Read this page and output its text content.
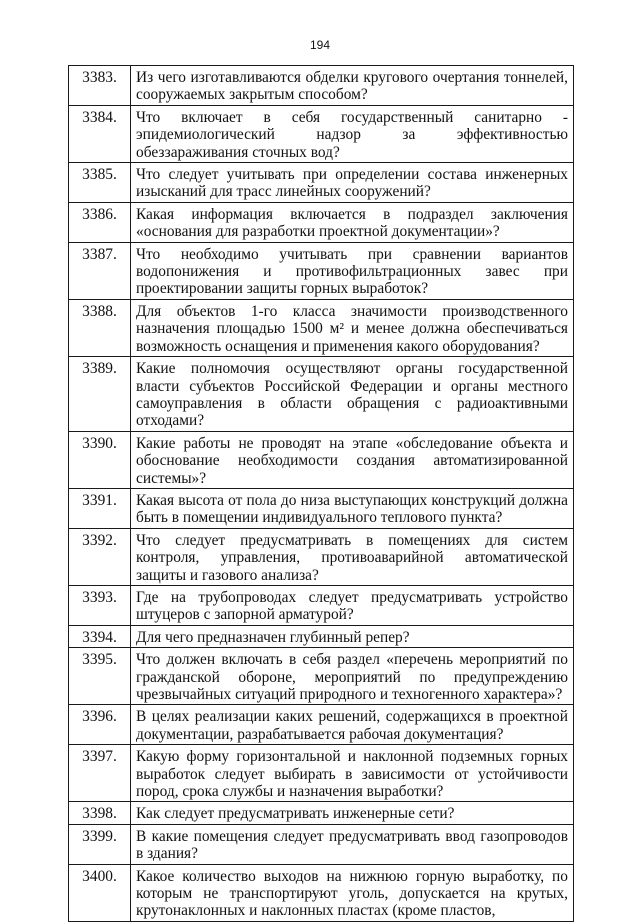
194
3383.	Из чего изготавливаются обделки кругового очертания тоннелей, сооружаемых закрытым способом?
3384.	Что включает в себя государственный санитарно - эпидемиологический надзор за эффективностью обеззараживания сточных вод?
3385.	Что следует учитывать при определении состава инженерных изысканий для трасс линейных сооружений?
3386.	Какая информация включается в подраздел заключения «основания для разработки проектной документации»?
3387.	Что необходимо учитывать при сравнении вариантов водопонижения и противофильтрационных завес при проектировании защиты горных выработок?
3388.	Для объектов 1-го класса значимости производственного назначения площадью 1500 м² и менее должна обеспечиваться возможность оснащения и применения какого оборудования?
3389.	Какие полномочия осуществляют органы государственной власти субъектов Российской Федерации и органы местного самоуправления в области обращения с радиоактивными отходами?
3390.	Какие работы не проводят на этапе «обследование объекта и обоснование необходимости создания автоматизированной системы»?
3391.	Какая высота от пола до низа выступающих конструкций должна быть в помещении индивидуального теплового пункта?
3392.	Что следует предусматривать в помещениях для систем контроля, управления, противоаварийной автоматической защиты и газового анализа?
3393.	Где на трубопроводах следует предусматривать устройство штуцеров с запорной арматурой?
3394.	Для чего предназначен глубинный репер?
3395.	Что должен включать в себя раздел «перечень мероприятий по гражданской обороне, мероприятий по предупреждению чрезвычайных ситуаций природного и техногенного характера»?
3396.	В целях реализации каких решений, содержащихся в проектной документации, разрабатывается рабочая документация?
3397.	Какую форму горизонтальной и наклонной подземных горных выработок следует выбирать в зависимости от устойчивости пород, срока службы и назначения выработки?
3398.	Как следует предусматривать инженерные сети?
3399.	В какие помещения следует предусматривать ввод газопроводов в здания?
3400.	Какое количество выходов на нижнюю горную выработку, по которым не транспортируют уголь, допускается на крутых, крутонаклонных и наклонных пластах (кроме пластов,
